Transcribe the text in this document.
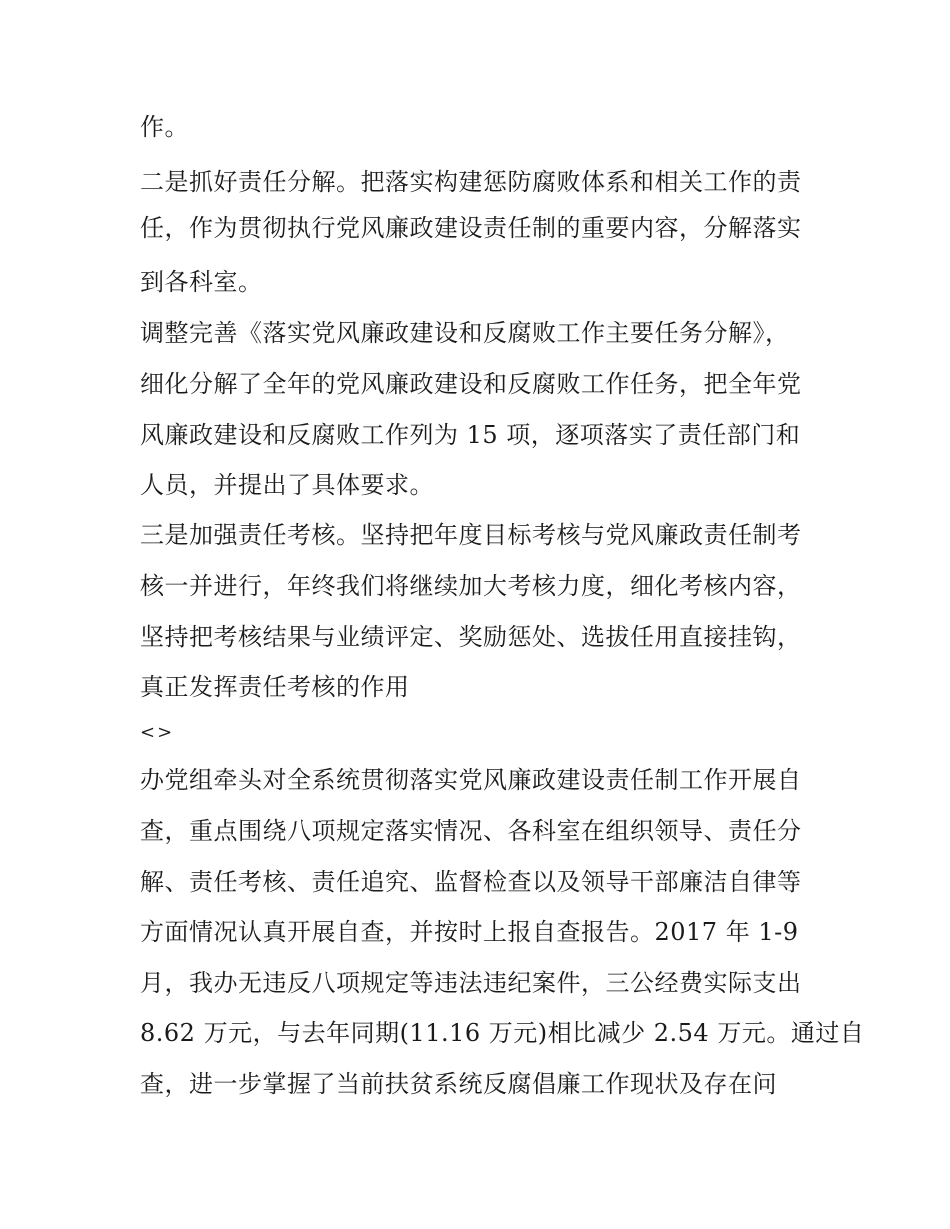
作。

二是抓好责任分解。把落实构建惩防腐败体系和相关工作的责

任，作为贯彻执行党风廉政建设责任制的重要内容，分解落实

到各科室。

调整完善《落实党风廉政建设和反腐败工作主要任务分解》，

细化分解了全年的党风廉政建设和反腐败工作任务，把全年党

风廉政建设和反腐败工作列为 15 项，逐项落实了责任部门和

人员，并提出了具体要求。

三是加强责任考核。坚持把年度目标考核与党风廉政责任制考

核一并进行，年终我们将继续加大考核力度，细化考核内容，

坚持把考核结果与业绩评定、奖励惩处、选拔任用直接挂钩，

真正发挥责任考核的作用

<>

办党组牵头对全系统贯彻落实党风廉政建设责任制工作开展自

查，重点围绕八项规定落实情况、各科室在组织领导、责任分

解、责任考核、责任追究、监督检查以及领导干部廉洁自律等

方面情况认真开展自查，并按时上报自查报告。2017 年 1-9

月，我办无违反八项规定等违法违纪案件，三公经费实际支出

8.62 万元，与去年同期(11.16 万元)相比减少 2.54 万元。通过自

查，进一步掌握了当前扶贫系统反腐倡廉工作现状及存在问
